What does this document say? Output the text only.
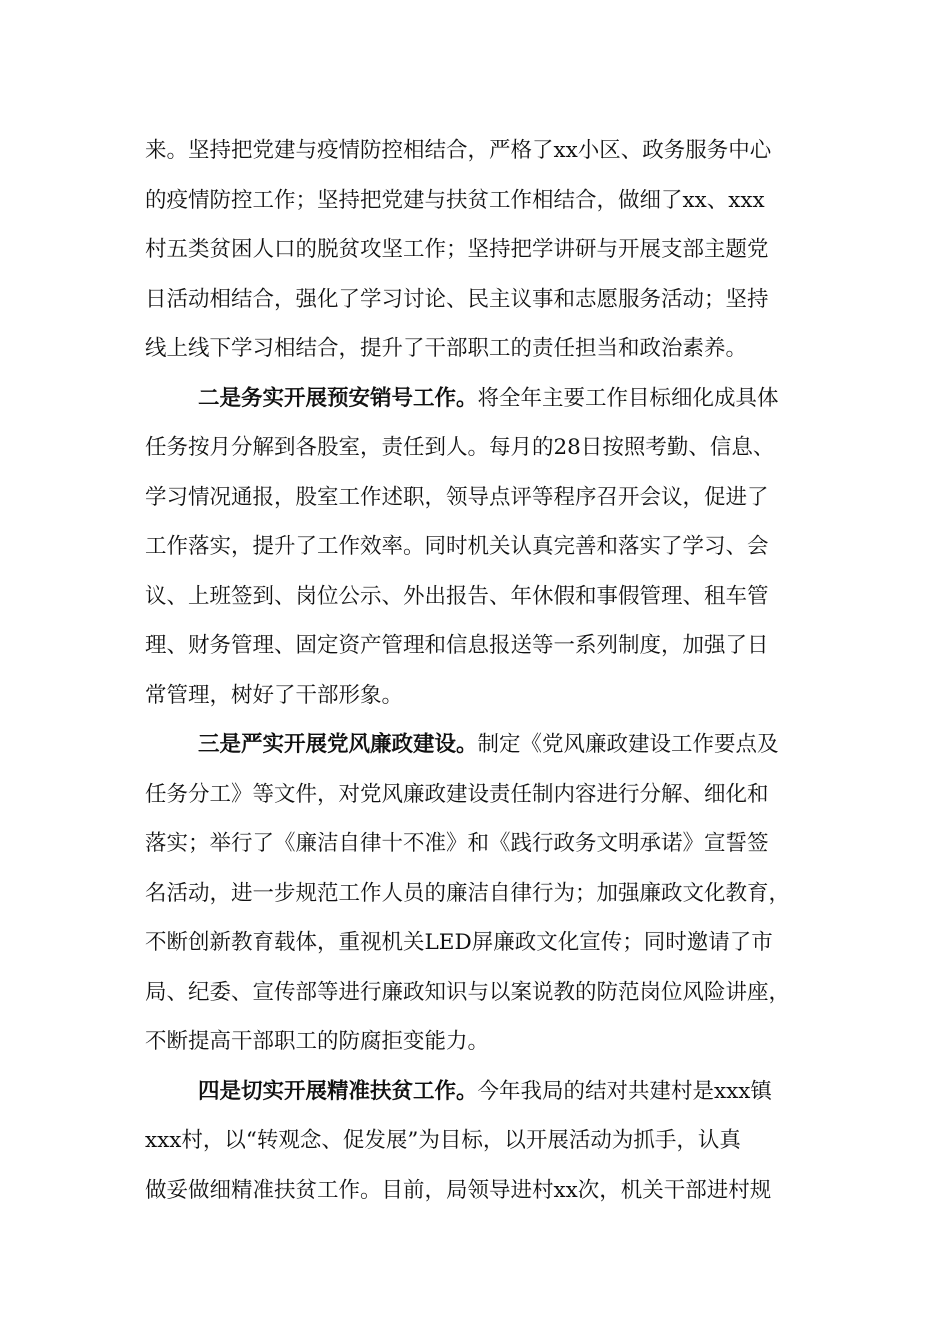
来。坚持把党建与疫情防控相结合，严格了xx小区、政务服务中心
的疫情防控工作；坚持把党建与扶贫工作相结合，做细了xx、xxx
村五类贫困人口的脱贫攻坚工作；坚持把学讲研与开展支部主题党
日活动相结合，强化了学习讨论、民主议事和志愿服务活动；坚持
线上线下学习相结合，提升了干部职工的责任担当和政治素养。
二是务实开展预安销号工作。将全年主要工作目标细化成具体
任务按月分解到各股室，责任到人。每月的28日按照考勤、信息、
学习情况通报，股室工作述职，领导点评等程序召开会议，促进了
工作落实，提升了工作效率。同时机关认真完善和落实了学习、会
议、上班签到、岗位公示、外出报告、年休假和事假管理、租车管
理、财务管理、固定资产管理和信息报送等一系列制度，加强了日
常管理，树好了干部形象。
三是严实开展党风廉政建设。制定《党风廉政建设工作要点及
任务分工》等文件，对党风廉政建设责任制内容进行分解、细化和
落实；举行了《廉洁自律十不准》和《践行政务文明承诺》宣誓签
名活动，进一步规范工作人员的廉洁自律行为；加强廉政文化教育，
不断创新教育载体，重视机关LED屏廉政文化宣传；同时邀请了市
局、纪委、宣传部等进行廉政知识与以案说教的防范岗位风险讲座，
不断提高干部职工的防腐拒变能力。
四是切实开展精准扶贫工作。今年我局的结对共建村是xxx镇
xxx村，以“转观念、促发展”为目标，以开展活动为抓手，认真
做妥做细精准扶贫工作。目前，局领导进村xx次，机关干部进村规
